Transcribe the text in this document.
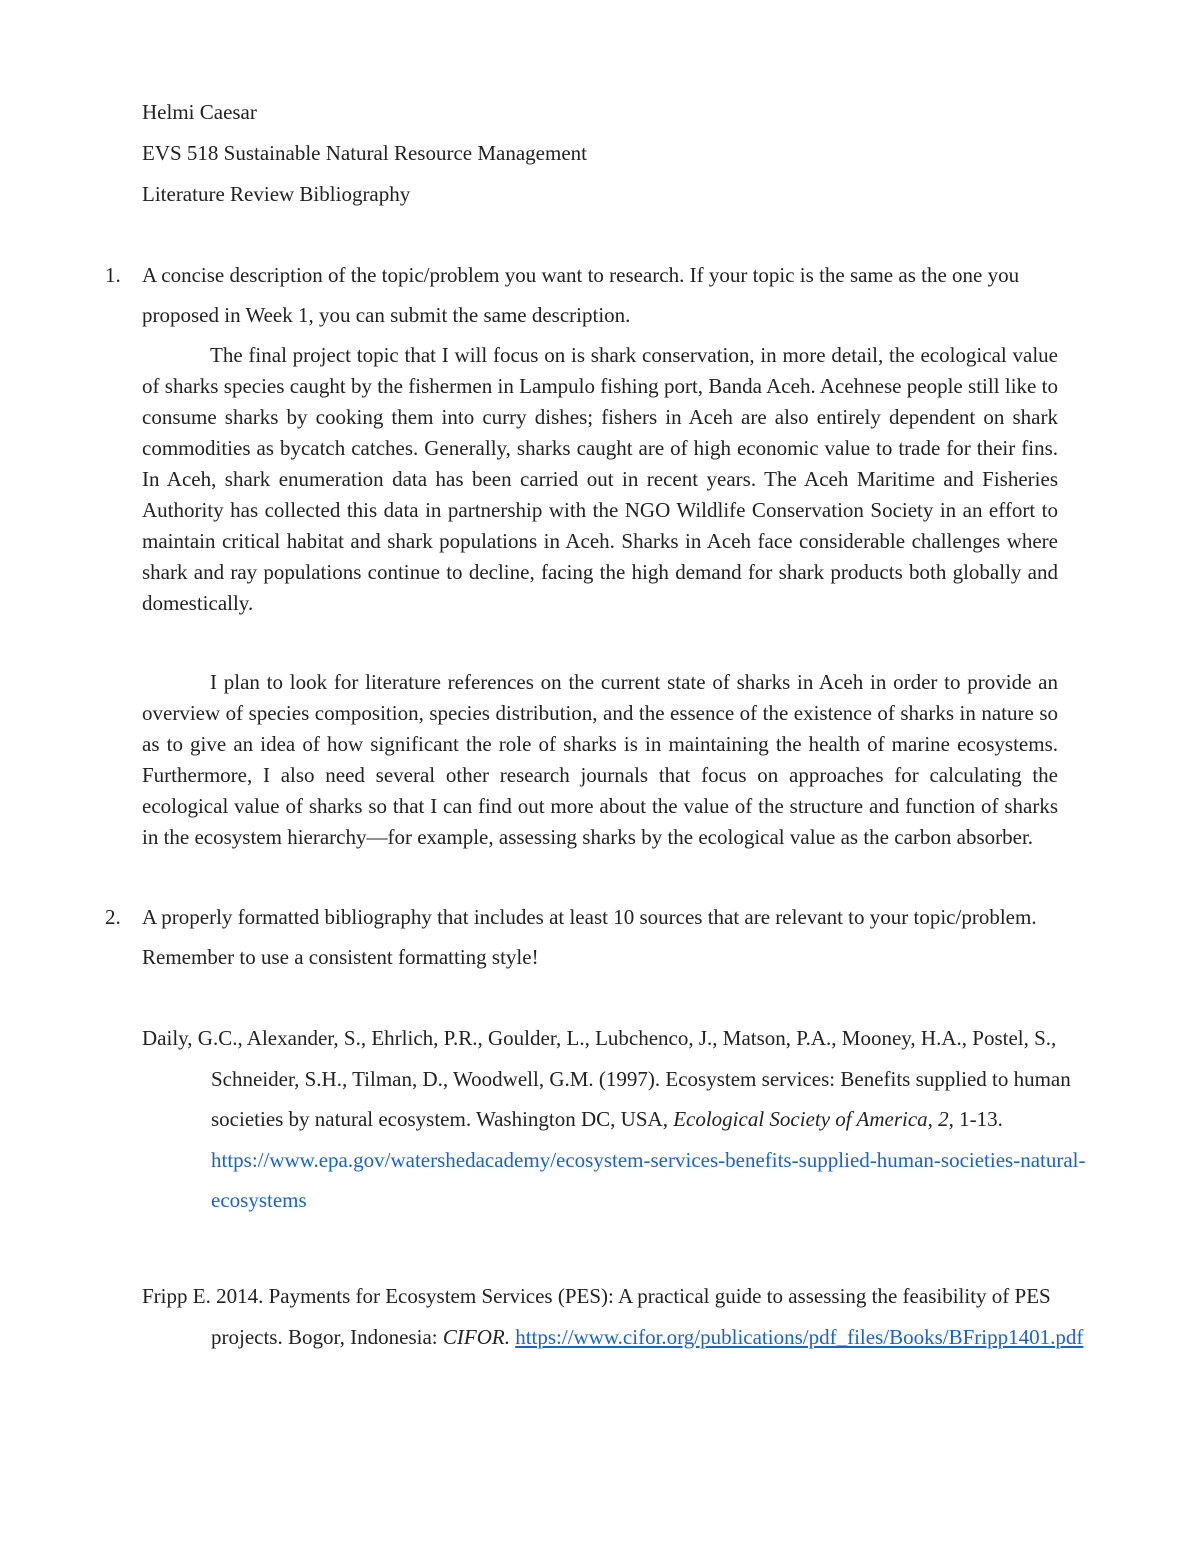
Helmi Caesar
EVS 518 Sustainable Natural Resource Management
Literature Review Bibliography
1. A concise description of the topic/problem you want to research. If your topic is the same as the one you proposed in Week 1, you can submit the same description.
The final project topic that I will focus on is shark conservation, in more detail, the ecological value of sharks species caught by the fishermen in Lampulo fishing port, Banda Aceh. Acehnese people still like to consume sharks by cooking them into curry dishes; fishers in Aceh are also entirely dependent on shark commodities as bycatch catches. Generally, sharks caught are of high economic value to trade for their fins. In Aceh, shark enumeration data has been carried out in recent years. The Aceh Maritime and Fisheries Authority has collected this data in partnership with the NGO Wildlife Conservation Society in an effort to maintain critical habitat and shark populations in Aceh. Sharks in Aceh face considerable challenges where shark and ray populations continue to decline, facing the high demand for shark products both globally and domestically.
I plan to look for literature references on the current state of sharks in Aceh in order to provide an overview of species composition, species distribution, and the essence of the existence of sharks in nature so as to give an idea of how significant the role of sharks is in maintaining the health of marine ecosystems. Furthermore, I also need several other research journals that focus on approaches for calculating the ecological value of sharks so that I can find out more about the value of the structure and function of sharks in the ecosystem hierarchy—for example, assessing sharks by the ecological value as the carbon absorber.
2. A properly formatted bibliography that includes at least 10 sources that are relevant to your topic/problem. Remember to use a consistent formatting style!
Daily, G.C., Alexander, S., Ehrlich, P.R., Goulder, L., Lubchenco, J., Matson, P.A., Mooney, H.A., Postel, S., Schneider, S.H., Tilman, D., Woodwell, G.M. (1997). Ecosystem services: Benefits supplied to human societies by natural ecosystem. Washington DC, USA, Ecological Society of America, 2, 1-13. https://www.epa.gov/watershedacademy/ecosystem-services-benefits-supplied-human-societies-natural-ecosystems
Fripp E. 2014. Payments for Ecosystem Services (PES): A practical guide to assessing the feasibility of PES projects. Bogor, Indonesia: CIFOR. https://www.cifor.org/publications/pdf_files/Books/BFripp1401.pdf
